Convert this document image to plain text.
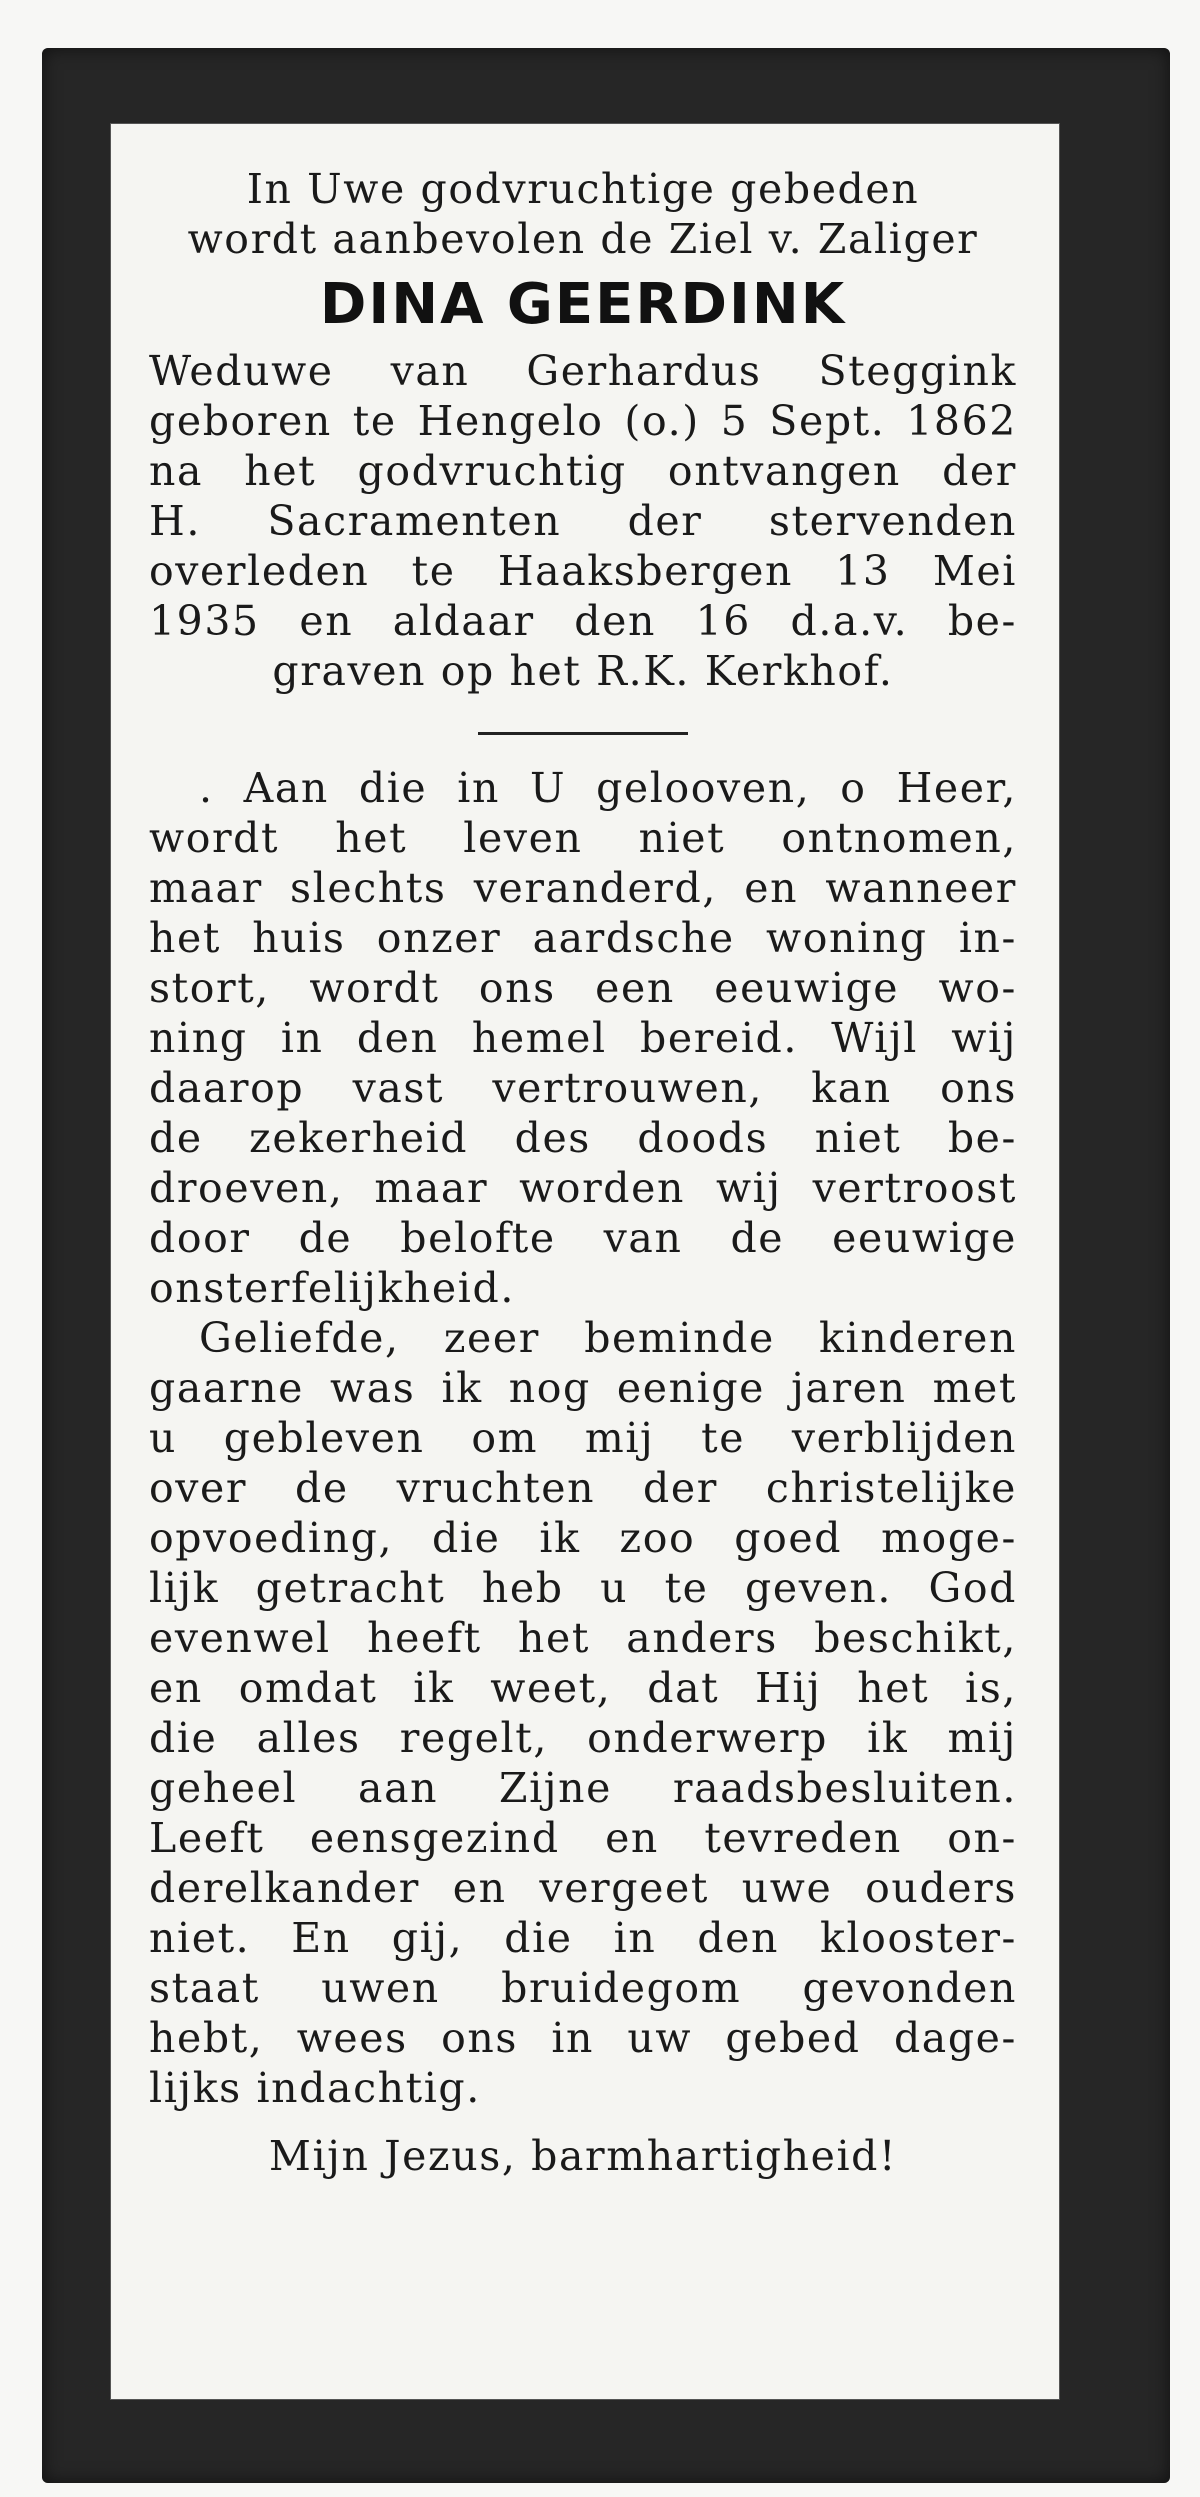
In Uwe godvruchtige gebeden
wordt aanbevolen de Ziel v. Zaliger
DINA GEERDINK
Weduwe van Gerhardus Steggink
geboren te Hengelo (o.) 5 Sept. 1862
na het godvruchtig ontvangen der
H. Sacramenten der stervenden
overleden te Haaksbergen 13 Mei
1935 en aldaar den 16 d.a.v. be-
graven op het R.K. Kerkhof.
. Aan die in U gelooven, o Heer,
wordt het leven niet ontnomen,
maar slechts veranderd, en wanneer
het huis onzer aardsche woning in-
stort, wordt ons een eeuwige wo-
ning in den hemel bereid. Wijl wij
daarop vast vertrouwen, kan ons
de zekerheid des doods niet be-
droeven, maar worden wij vertroost
door de belofte van de eeuwige
onsterfelijkheid.
Geliefde, zeer beminde kinderen
gaarne was ik nog eenige jaren met
u gebleven om mij te verblijden
over de vruchten der christelijke
opvoeding, die ik zoo goed moge-
lijk getracht heb u te geven. God
evenwel heeft het anders beschikt,
en omdat ik weet, dat Hij het is,
die alles regelt, onderwerp ik mij
geheel aan Zijne raadsbesluiten.
Leeft eensgezind en tevreden on-
derelkander en vergeet uwe ouders
niet. En gij, die in den klooster-
staat uwen bruidegom gevonden
hebt, wees ons in uw gebed dage-
lijks indachtig.
Mijn Jezus, barmhartigheid!
